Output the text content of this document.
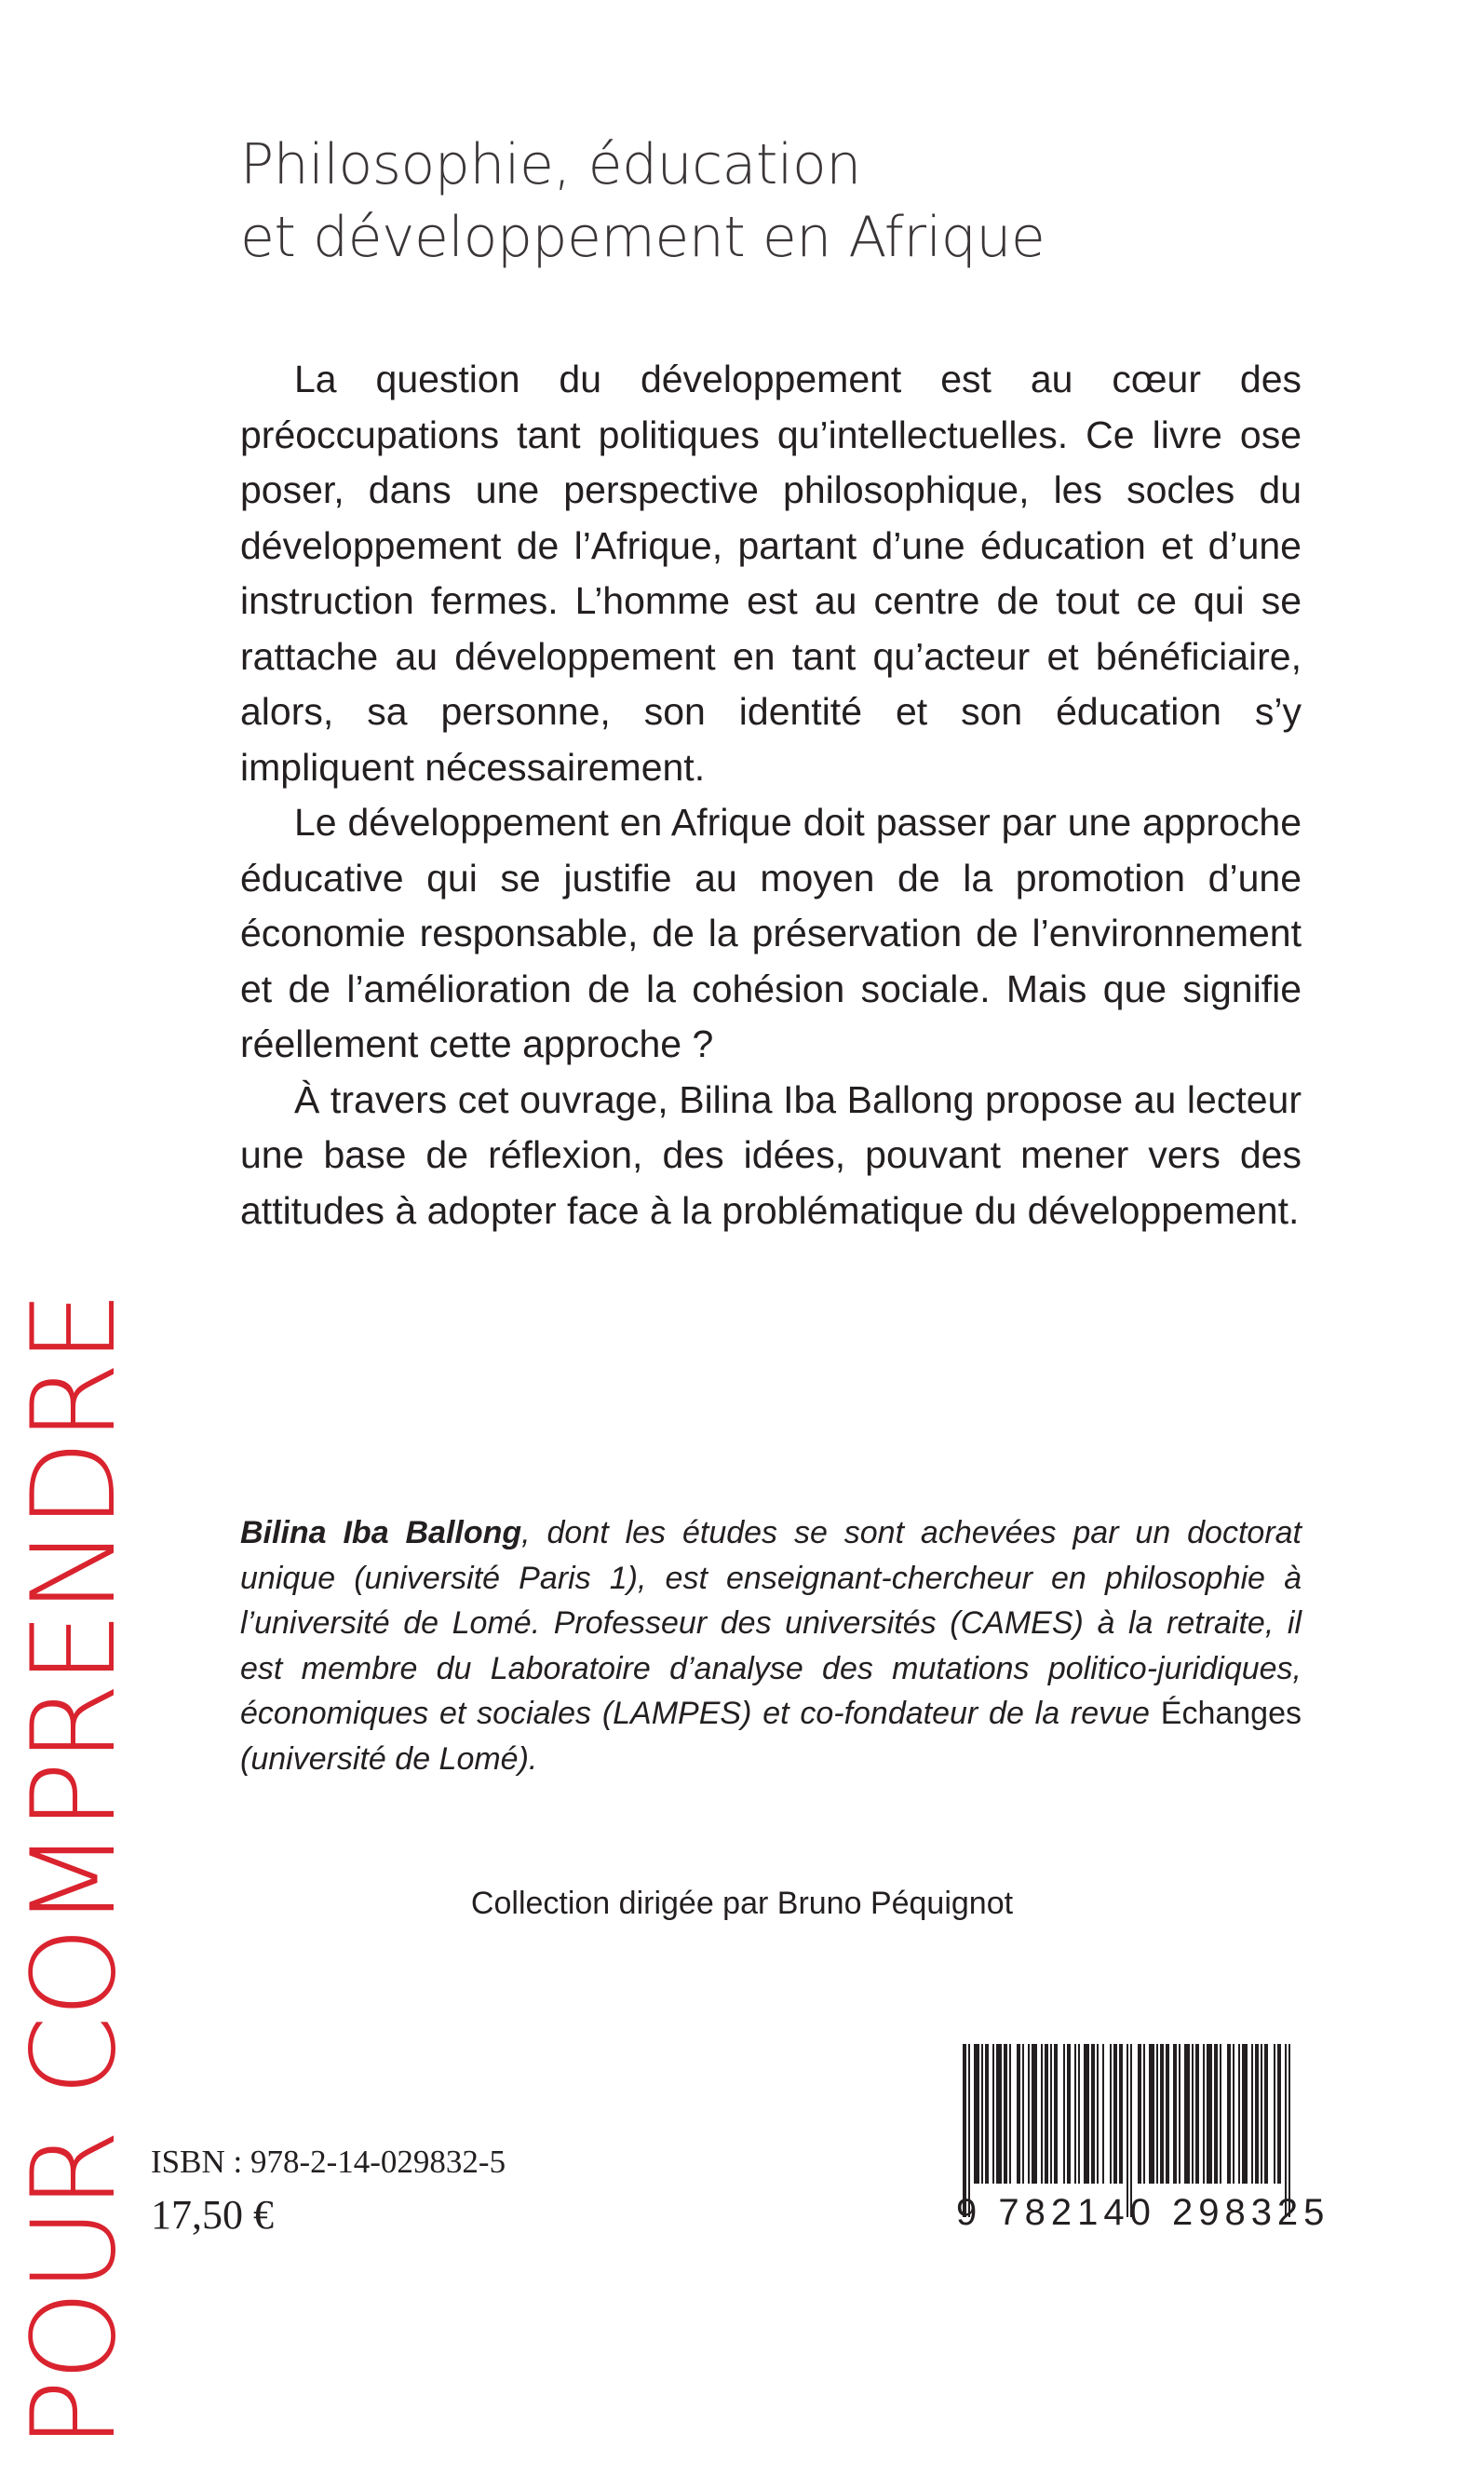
Philosophie, éducation
et développement en Afrique

La question du développement est au cœur des préoccupations tant politiques qu’intellectuelles. Ce livre ose poser, dans une perspective philosophique, les socles du développement de l’Afrique, partant d’une éducation et d’une instruction fermes. L’homme est au centre de tout ce qui se rattache au développement en tant qu’acteur et bénéficiaire, alors, sa personne, son identité et son éducation s’y impliquent nécessairement.

Le développement en Afrique doit passer par une approche éducative qui se justifie au moyen de la promotion d’une économie responsable, de la préservation de l’environnement et de l’amélioration de la cohésion sociale. Mais que signifie réellement cette approche ?

À travers cet ouvrage, Bilina Iba Ballong propose au lecteur une base de réflexion, des idées, pouvant mener vers des attitudes à adopter face à la problématique du développement.

Bilina Iba Ballong, dont les études se sont achevées par un doctorat unique (université Paris 1), est enseignant-chercheur en philosophie à l’université de Lomé. Professeur des universités (CAMES) à la retraite, il est membre du Laboratoire d’analyse des mutations politico-juridiques, économiques et sociales (LAMPES) et co-fondateur de la revue Échanges (université de Lomé).
Collection dirigée par Bruno Péquignot
POUR COMPRENDRE ISBN : 978-2-14-029832-5
17,50 €	9 782140 298325
